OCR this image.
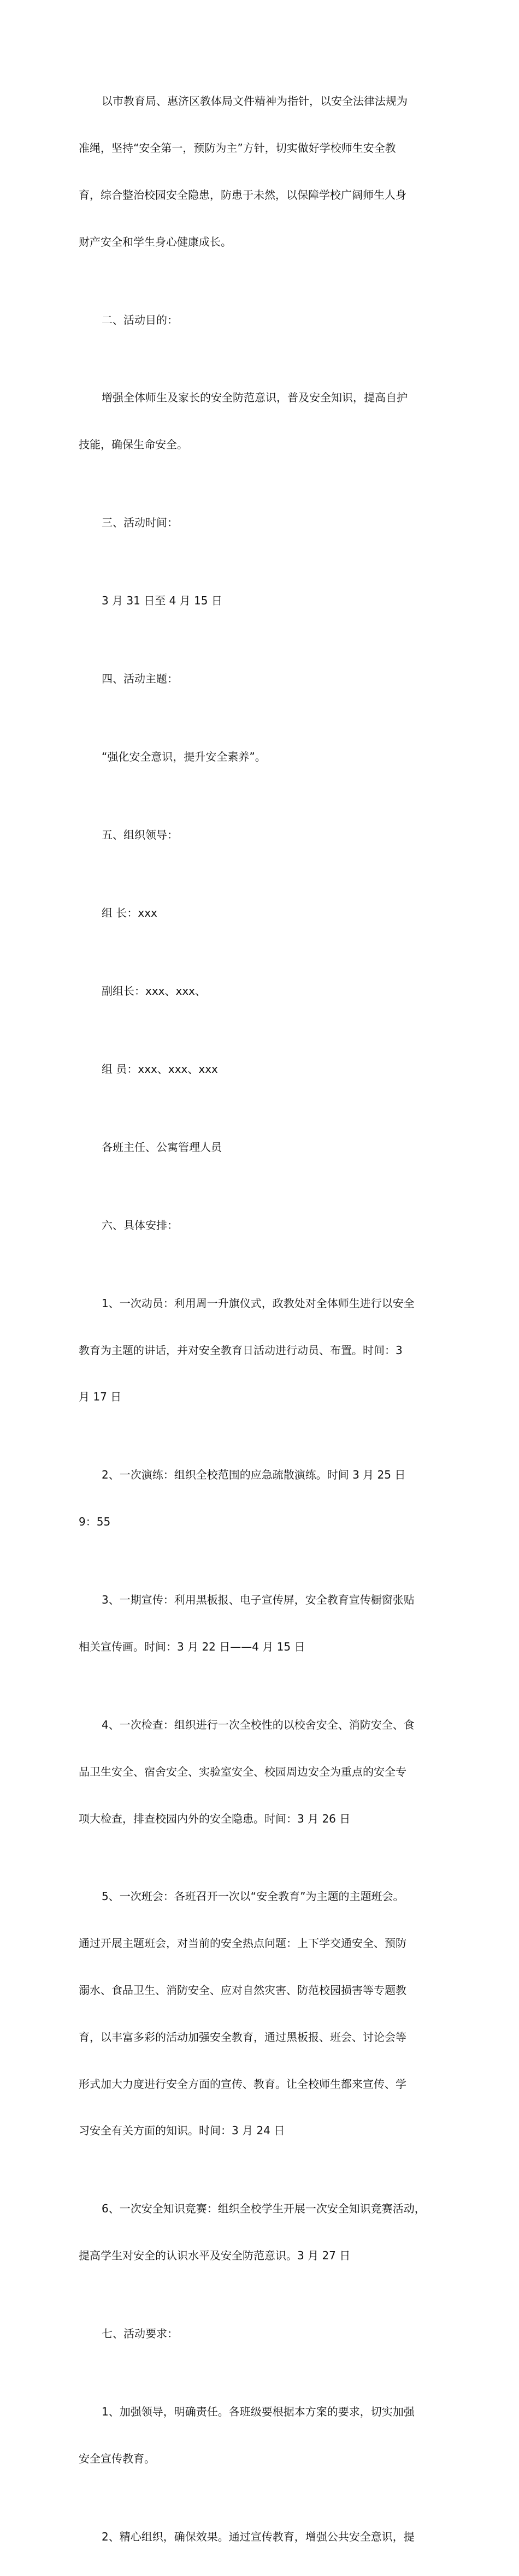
以市教育局、惠济区教体局文件精神为指针，以安全法律法规为

准绳，坚持“安全第一，预防为主”方针，切实做好学校师生安全教

育，综合整治校园安全隐患，防患于未然，以保障学校广阔师生人身

财产安全和学生身心健康成长。

二、活动目的：

增强全体师生及家长的安全防范意识，普及安全知识，提高自护

技能，确保生命安全。

三、活动时间：

3 月 31 日至 4 月 15 日

四、活动主题：

“强化安全意识，提升安全素养”。

五、组织领导：

组 长：xxx

副组长：xxx、xxx、

组 员：xxx、xxx、xxx

各班主任、公寓管理人员

六、具体安排：

1、一次动员：利用周一升旗仪式，政教处对全体师生进行以安全

教育为主题的讲话，并对安全教育日活动进行动员、布置。时间：3

月 17 日

2、一次演练：组织全校范围的应急疏散演练。时间 3 月 25 日

9：55

3、一期宣传：利用黑板报、电子宣传屏，安全教育宣传橱窗张贴

相关宣传画。时间：3 月 22 日——4 月 15 日

4、一次检查：组织进行一次全校性的以校舍安全、消防安全、食

品卫生安全、宿舍安全、实验室安全、校园周边安全为重点的安全专

项大检查，排查校园内外的安全隐患。时间：3 月 26 日

5、一次班会：各班召开一次以“安全教育”为主题的主题班会。

通过开展主题班会，对当前的安全热点问题：上下学交通安全、预防

溺水、食品卫生、消防安全、应对自然灾害、防范校园损害等专题教

育，以丰富多彩的活动加强安全教育，通过黑板报、班会、讨论会等

形式加大力度进行安全方面的宣传、教育。让全校师生都来宣传、学

习安全有关方面的知识。时间：3 月 24 日

6、一次安全知识竞赛：组织全校学生开展一次安全知识竞赛活动，

提高学生对安全的认识水平及安全防范意识。3 月 27 日

七、活动要求：

1、加强领导，明确责任。各班级要根据本方案的要求，切实加强

安全宣传教育。

2、精心组织，确保效果。通过宣传教育，增强公共安全意识，提
